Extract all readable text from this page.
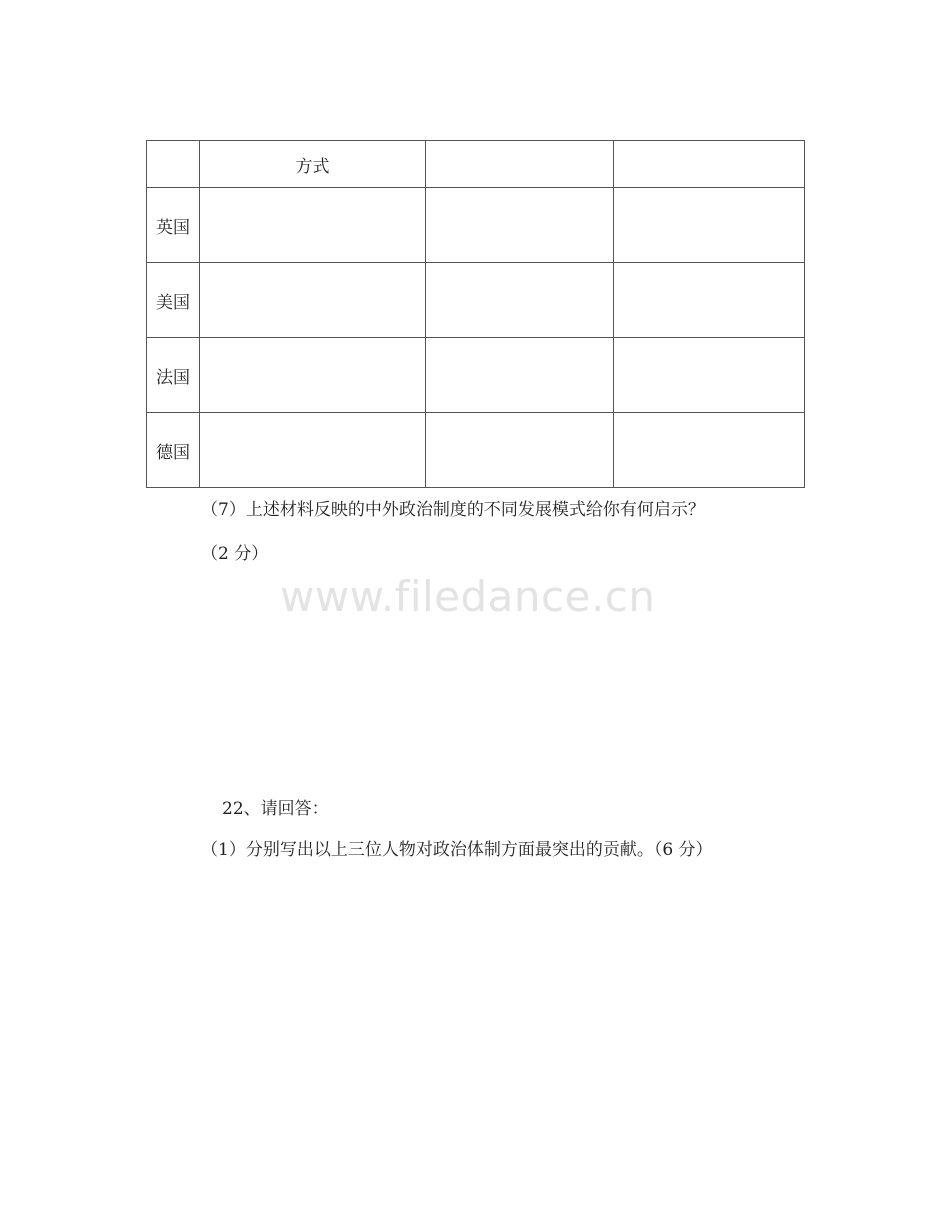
	方式		
英国			
美国			
法国			
德国			
（7）上述材料反映的中外政治制度的不同发展模式给你有何启示？
（2 分）
www.filedance.cn
22、请回答：
（1）分别写出以上三位人物对政治体制方面最突出的贡献。（6 分）
